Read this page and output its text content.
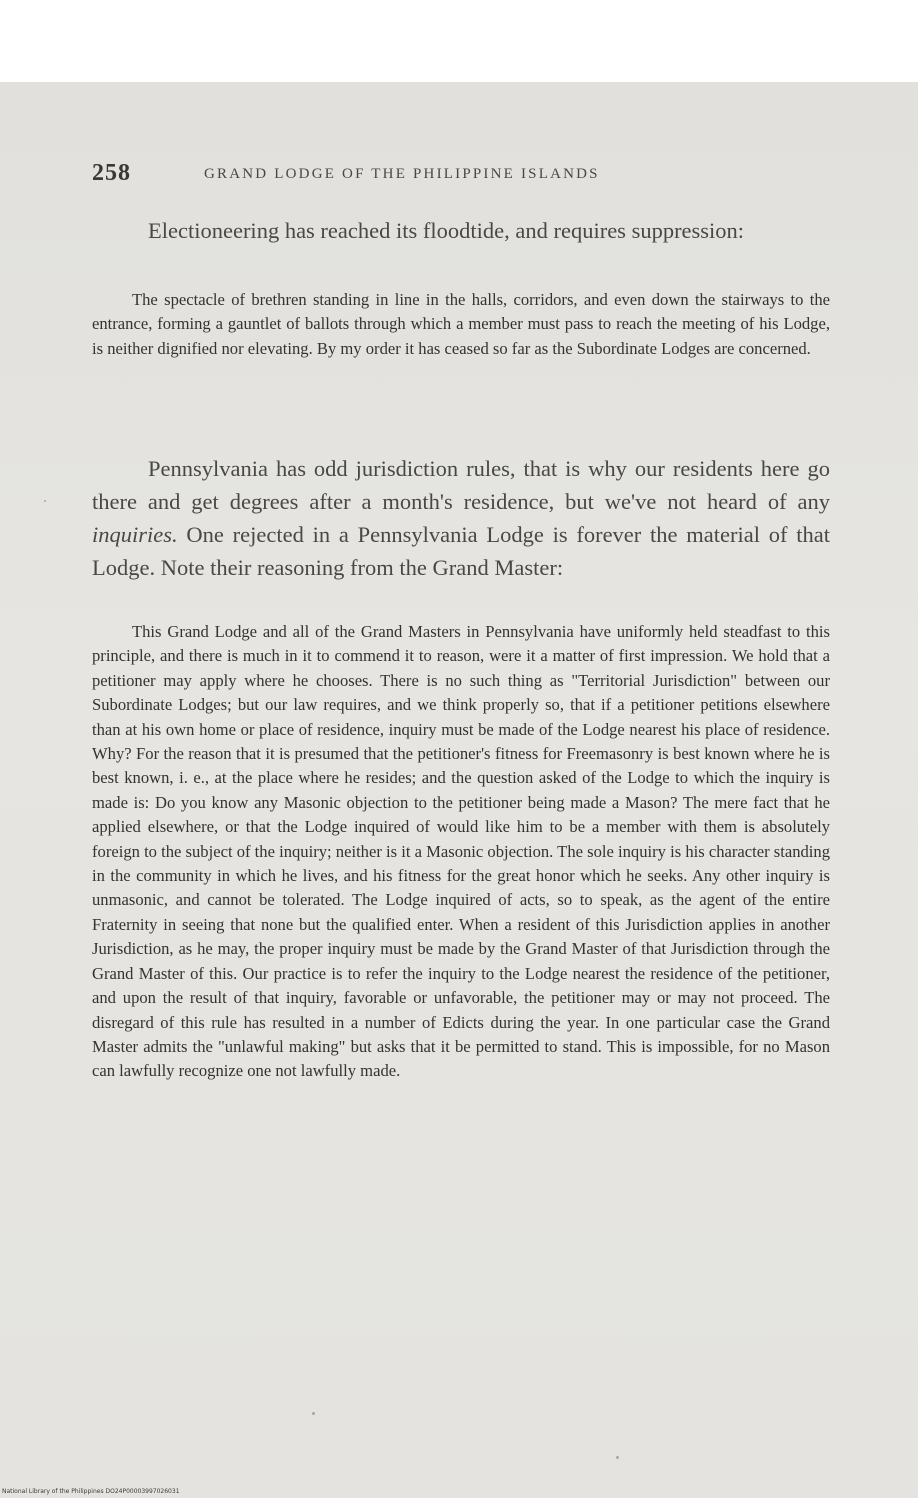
258	GRAND LODGE OF THE PHILIPPINE ISLANDS

Electioneering has reached its floodtide, and requires suppression:

The spectacle of brethren standing in line in the halls, corridors, and even down the stairways to the entrance, forming a gauntlet of ballots through which a member must pass to reach the meeting of his Lodge, is neither dignified nor elevating. By my order it has ceased so far as the Subordinate Lodges are concerned.

Pennsylvania has odd jurisdiction rules, that is why our residents here go there and get degrees after a month's residence, but we've not heard of any inquiries. One rejected in a Pennsylvania Lodge is forever the material of that Lodge. Note their reasoning from the Grand Master:

This Grand Lodge and all of the Grand Masters in Pennsylvania have uniformly held steadfast to this principle, and there is much in it to commend it to reason, were it a matter of first impression. We hold that a petitioner may apply where he chooses. There is no such thing as "Territorial Jurisdiction" between our Subordinate Lodges; but our law requires, and we think properly so, that if a petitioner petitions elsewhere than at his own home or place of residence, inquiry must be made of the Lodge nearest his place of residence. Why? For the reason that it is presumed that the petitioner's fitness for Freemasonry is best known where he is best known, i. e., at the place where he resides; and the question asked of the Lodge to which the inquiry is made is: Do you know any Masonic objection to the petitioner being made a Mason? The mere fact that he applied elsewhere, or that the Lodge inquired of would like him to be a member with them is absolutely foreign to the subject of the inquiry; neither is it a Masonic objection. The sole inquiry is his character standing in the community in which he lives, and his fitness for the great honor which he seeks. Any other inquiry is unmasonic, and cannot be tolerated. The Lodge inquired of acts, so to speak, as the agent of the entire Fraternity in seeing that none but the qualified enter. When a resident of this Jurisdiction applies in another Jurisdiction, as he may, the proper inquiry must be made by the Grand Master of that Jurisdiction through the Grand Master of this. Our practice is to refer the inquiry to the Lodge nearest the residence of the petitioner, and upon the result of that inquiry, favorable or unfavorable, the petitioner may or may not proceed. The disregard of this rule has resulted in a number of Edicts during the year. In one particular case the Grand Master admits the "unlawful making" but asks that it be permitted to stand. This is impossible, for no Mason can lawfully recognize one not lawfully made.

National Library of the Philippines DO24P00003997026031
